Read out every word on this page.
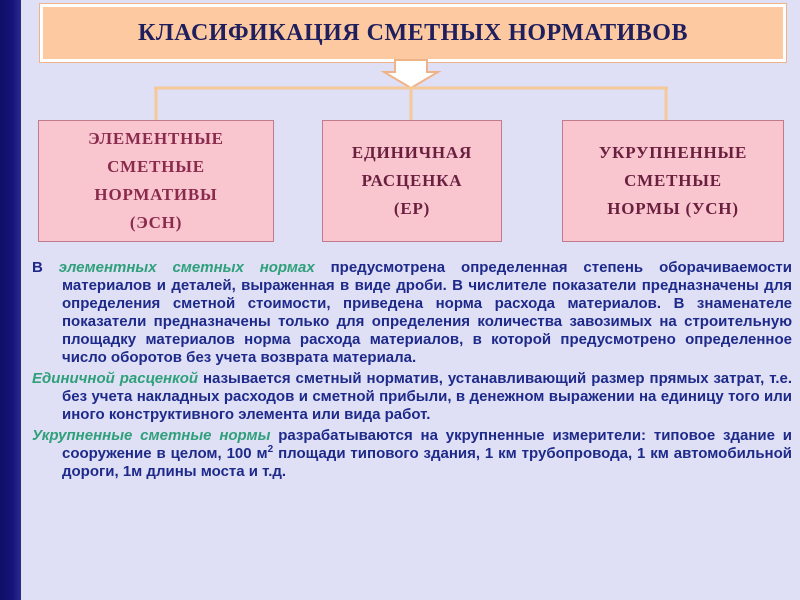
КЛАСИФИКАЦИЯ СМЕТНЫХ НОРМАТИВОВ
ЭЛЕМЕНТНЫЕ
СМЕТНЫЕ
НОРМАТИВЫ
(ЭСН)
ЕДИНИЧНАЯ
РАСЦЕНКА
(ЕР)
УКРУПНЕННЫЕ
СМЕТНЫЕ
НОРМЫ (УСН)

В элементных сметных нормах предусмотрена определенная степень оборачиваемости материалов и деталей, выраженная в виде дроби. В числителе показатели предназначены для определения сметной стоимости, приведена норма расхода материалов. В знаменателе показатели предназначены только для определения количества завозимых на строительную площадку материалов норма расхода материалов, в которой предусмотрено определенное число оборотов без учета возврата материала.

Единичной расценкой называется сметный норматив, устанавливающий размер прямых затрат, т.е. без учета накладных расходов и сметной прибыли, в денежном выражении на единицу того или иного конструктивного элемента или вида работ.

Укрупненные сметные нормы разрабатываются на укрупненные измерители: типовое здание и сооружение в целом, 100 $м^2$ площади типового здания, 1 км трубопровода, 1 км автомобильной дороги, 1м длины моста и т.д.
